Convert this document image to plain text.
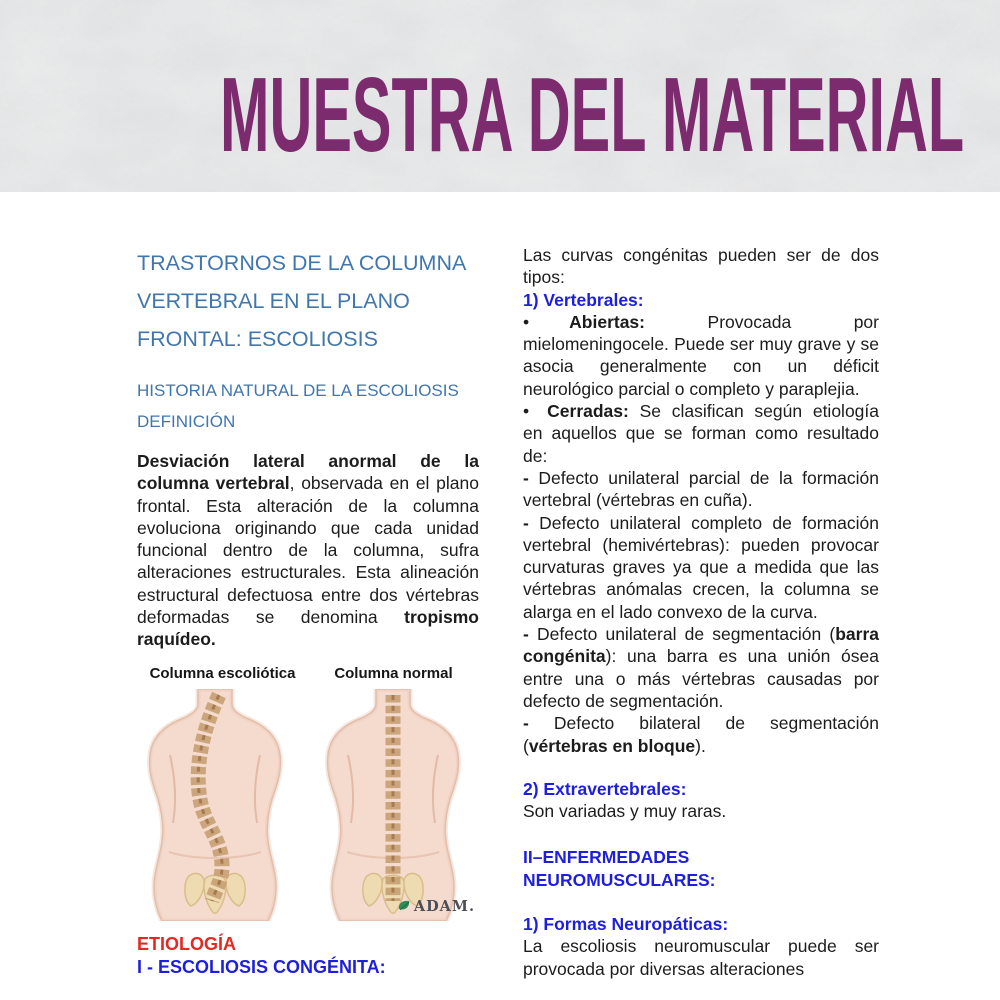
MUESTRA DEL MATERIAL
TRASTORNOS DE LA COLUMNA VERTEBRAL EN EL PLANO FRONTAL: ESCOLIOSIS
HISTORIA NATURAL DE LA ESCOLIOSIS
DEFINICIÓN

Desviación lateral anormal de la columna vertebral, observada en el plano frontal. Esta alteración de la columna evoluciona originando que cada unidad funcional dentro de la columna, sufra alteraciones estructurales. Esta alineación estructural defectuosa entre dos vértebras deformadas se denomina tropismo raquídeo.

Columna escoliótica	Columna normal
ADAM.
ETIOLOGÍA
I - ESCOLIOSIS CONGÉNITA:

Las curvas congénitas pueden ser de dos tipos:

1) Vertebrales:

• Abiertas: Provocada por mielomeningocele. Puede ser muy grave y se asocia generalmente con un déficit neurológico parcial o completo y paraplejia.

• Cerradas: Se clasifican según etiología en aquellos que se forman como resultado de:

- Defecto unilateral parcial de la formación vertebral (vértebras en cuña).

- Defecto unilateral completo de formación vertebral (hemivértebras): pueden provocar curvaturas graves ya que a medida que las vértebras anómalas crecen, la columna se alarga en el lado convexo de la curva.

- Defecto unilateral de segmentación (barra congénita): una barra es una unión ósea entre una o más vértebras causadas por defecto de segmentación.

- Defecto bilateral de segmentación (vértebras en bloque).

2) Extravertebrales:

Son variadas y muy raras.

II–ENFERMEDADES NEUROMUSCULARES:

1) Formas Neuropáticas:

La escoliosis neuromuscular puede ser provocada por diversas alteraciones
